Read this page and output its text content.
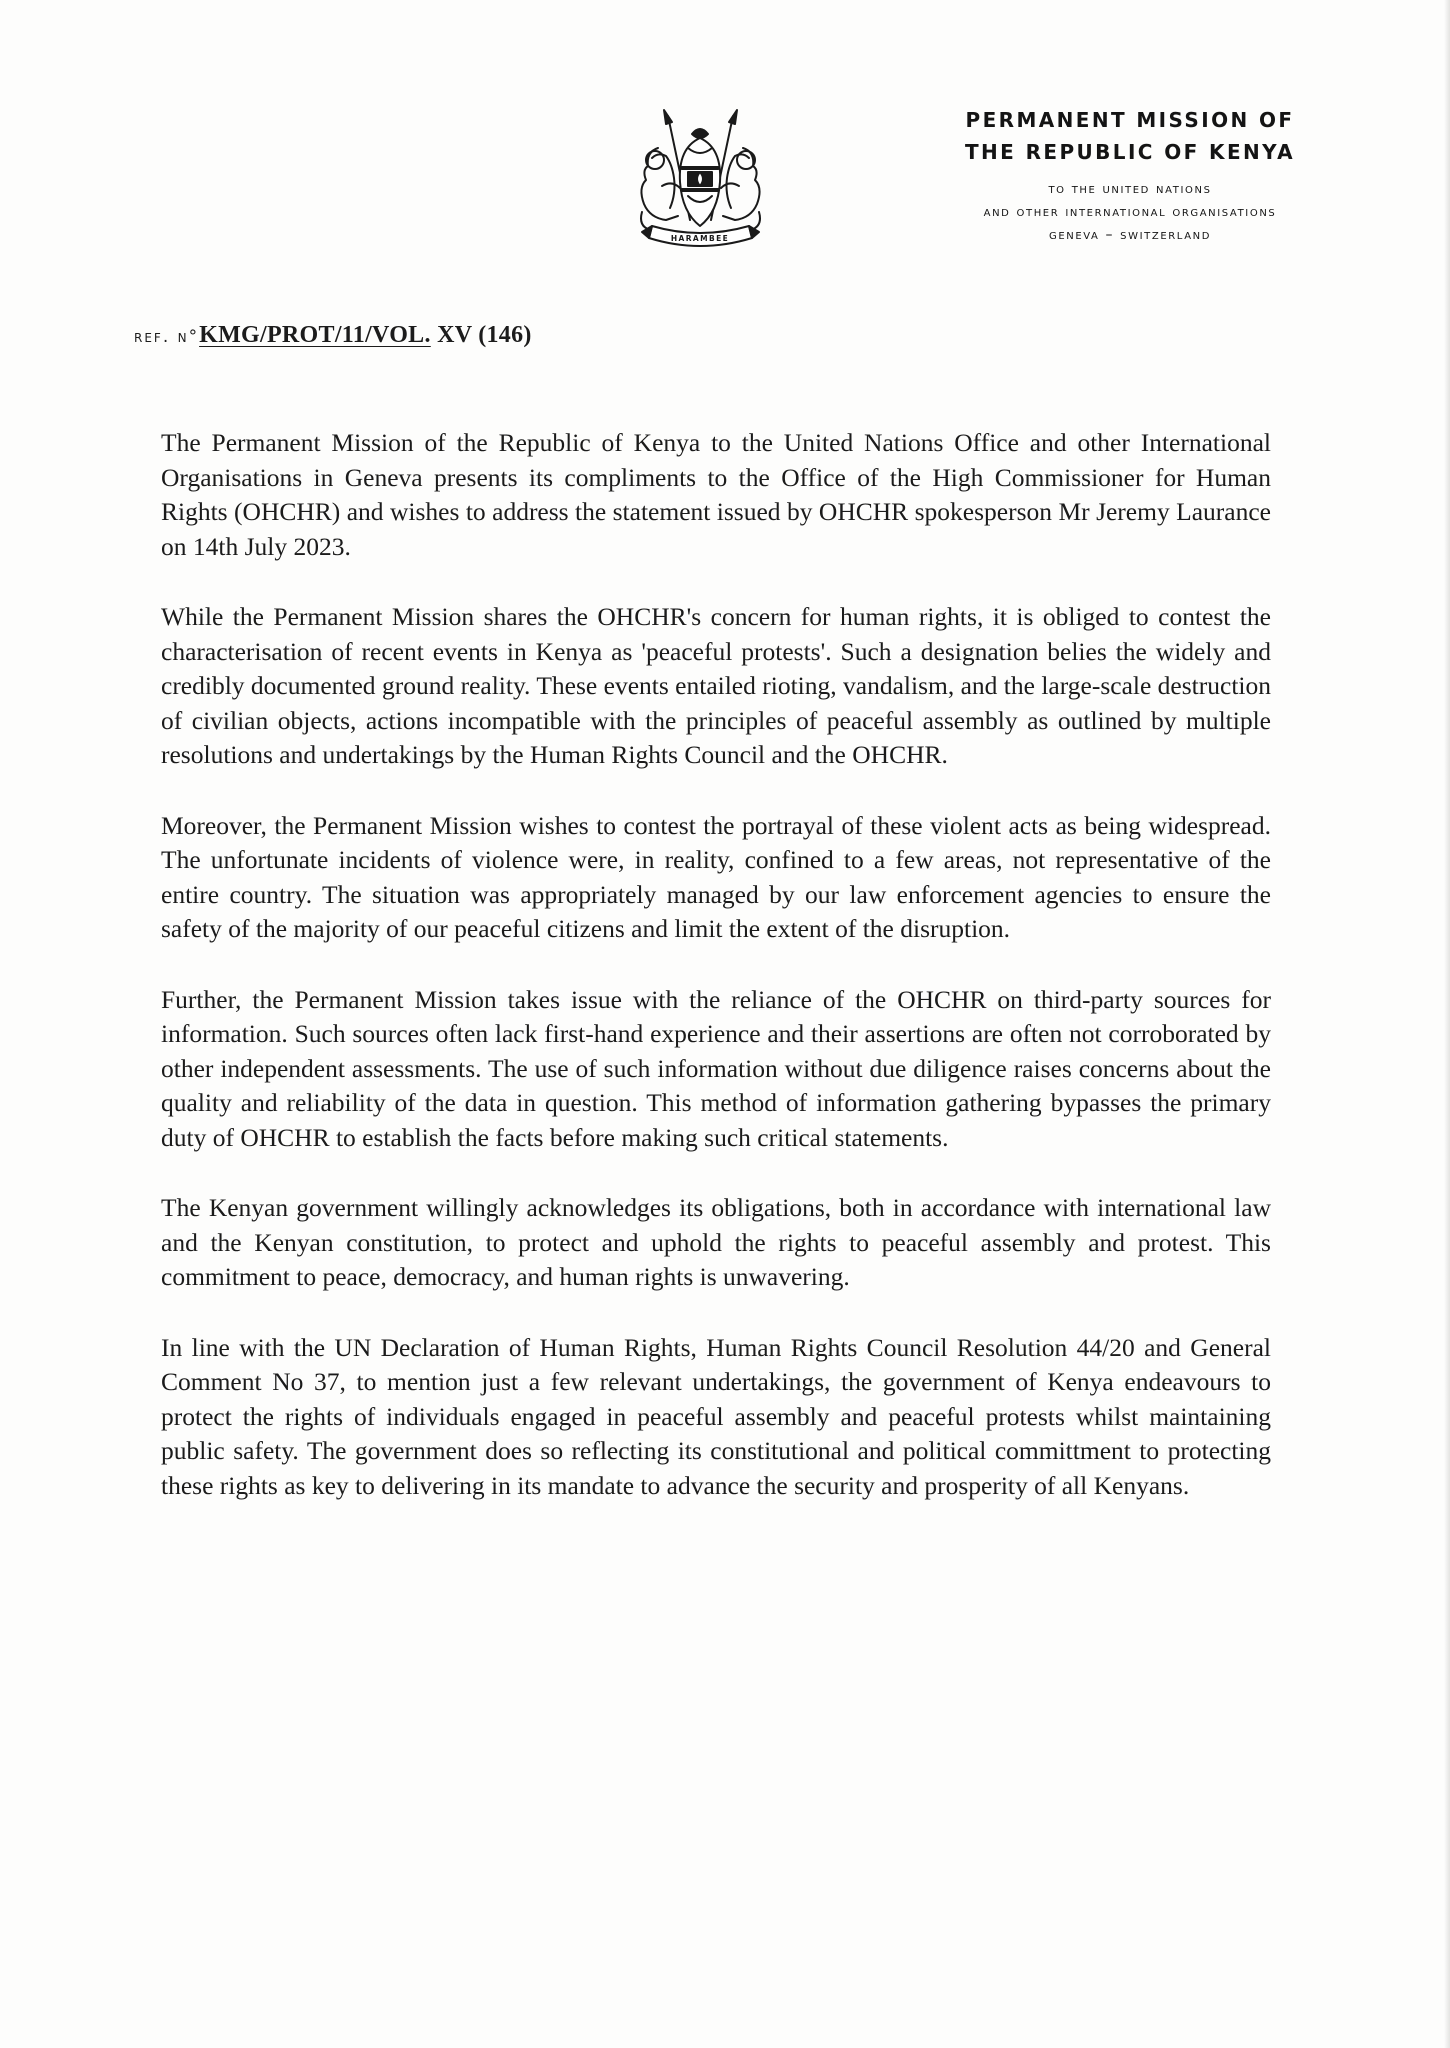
HARAMBEE

PERMANENT MISSION OF

THE REPUBLIC OF KENYA

to the united nations

and other international organisations

geneva – switzerland

ref. n°KMG/PROT/11/VOL. XV (146)

The Permanent Mission of the Republic of Kenya to the United Nations Office and other International Organisations in Geneva presents its compliments to the Office of the High Commissioner for Human Rights (OHCHR) and wishes to address the statement issued by OHCHR spokesperson Mr Jeremy Laurance on 14th July 2023.

While the Permanent Mission shares the OHCHR's concern for human rights, it is obliged to contest the characterisation of recent events in Kenya as 'peaceful protests'. Such a designation belies the widely and credibly documented ground reality. These events entailed rioting, vandalism, and the large-scale destruction of civilian objects, actions incompatible with the principles of peaceful assembly as outlined by multiple resolutions and undertakings by the Human Rights Council and the OHCHR.

Moreover, the Permanent Mission wishes to contest the portrayal of these violent acts as being widespread. The unfortunate incidents of violence were, in reality, confined to a few areas, not representative of the entire country. The situation was appropriately managed by our law enforcement agencies to ensure the safety of the majority of our peaceful citizens and limit the extent of the disruption.

Further, the Permanent Mission takes issue with the reliance of the OHCHR on third-party sources for information. Such sources often lack first-hand experience and their assertions are often not corroborated by other independent assessments. The use of such information without due diligence raises concerns about the quality and reliability of the data in question. This method of information gathering bypasses the primary duty of OHCHR to establish the facts before making such critical statements.

The Kenyan government willingly acknowledges its obligations, both in accordance with international law and the Kenyan constitution, to protect and uphold the rights to peaceful assembly and protest. This commitment to peace, democracy, and human rights is unwavering.

In line with the UN Declaration of Human Rights, Human Rights Council Resolution 44/20 and General Comment No 37, to mention just a few relevant undertakings, the government of Kenya endeavours to protect the rights of individuals engaged in peaceful assembly and peaceful protests whilst maintaining public safety. The government does so reflecting its constitutional and political committment to protecting these rights as key to delivering in its mandate to advance the security and prosperity of all Kenyans.
